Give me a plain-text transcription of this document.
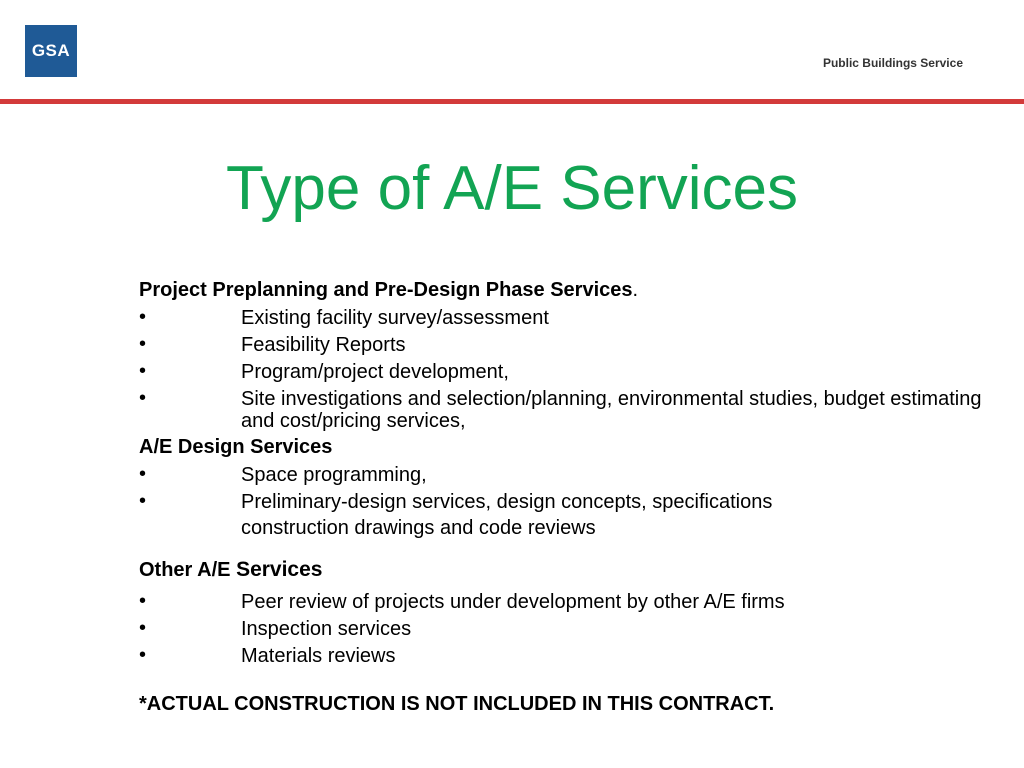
GSA
Public Buildings Service
Type of A/E Services
Project Preplanning and Pre-Design Phase Services.
•	Existing facility survey/assessment
•	Feasibility Reports
•	Program/project development,
•	Site investigations and selection/planning, environmental studies, budget estimating and cost/pricing services,
A/E Design Services
•	Space programming,
•	Preliminary-design services, design concepts, specifications
construction drawings and code reviews
Other A/E Services
•	Peer review of projects under development by other A/E firms
•	Inspection services
•	Materials reviews
*ACTUAL CONSTRUCTION IS NOT INCLUDED IN THIS CONTRACT.
